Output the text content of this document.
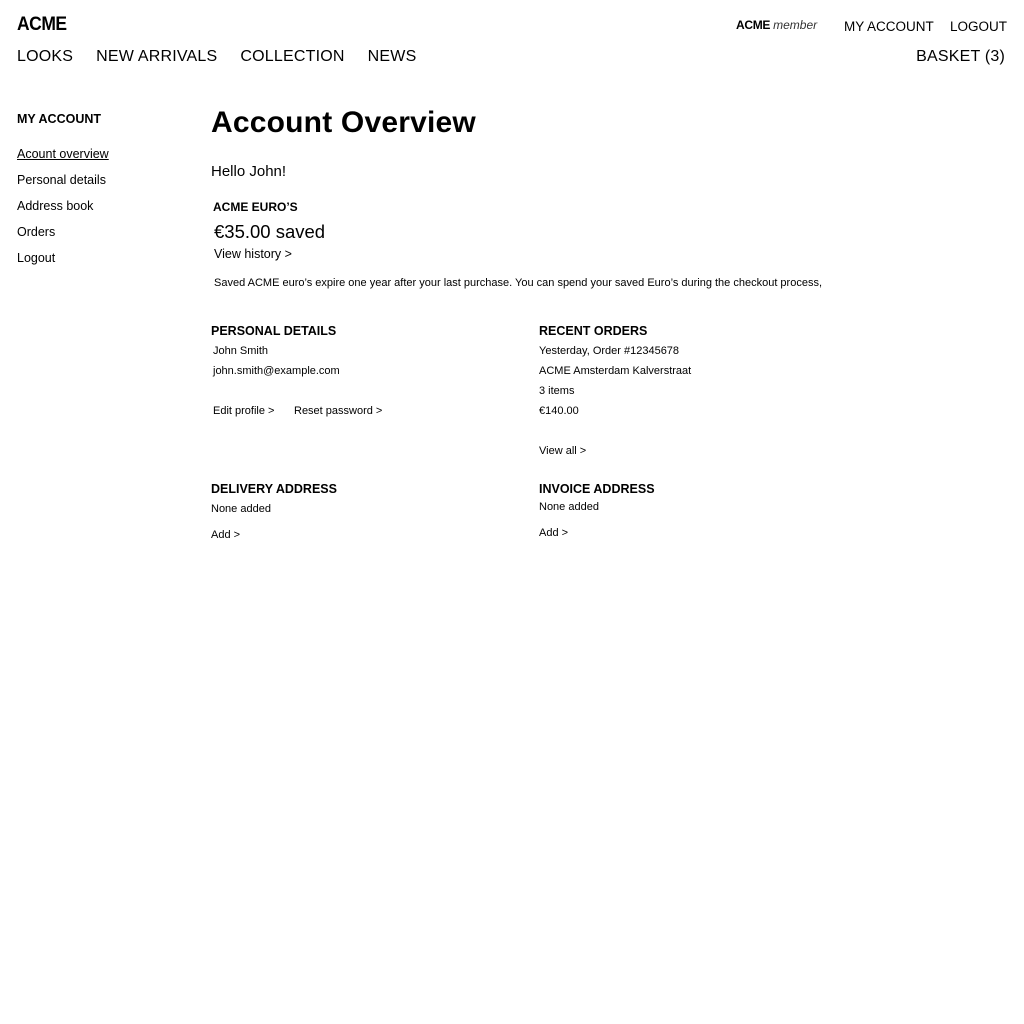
ACME	ACME member MY ACCOUNT LOGOUT
LOOKS NEW ARRIVALS COLLECTION NEWS	BASKET (3)
MY ACCOUNT
Acount overview
Personal details
Address book
Orders
Logout
Account Overview
Hello John!
ACME EURO’S
€35.00 saved
View history >
Saved ACME euro’s expire one year after your last purchase. You can spend your saved Euro’s during the checkout process,
PERSONAL DETAILS
John Smith
john.smith@example.com
Edit profile > Reset password >
RECENT ORDERS
Yesterday, Order #12345678
ACME Amsterdam Kalverstraat
3 items
€140.00
View all >
DELIVERY ADDRESS
None added
Add >
INVOICE ADDRESS
None added
Add >
